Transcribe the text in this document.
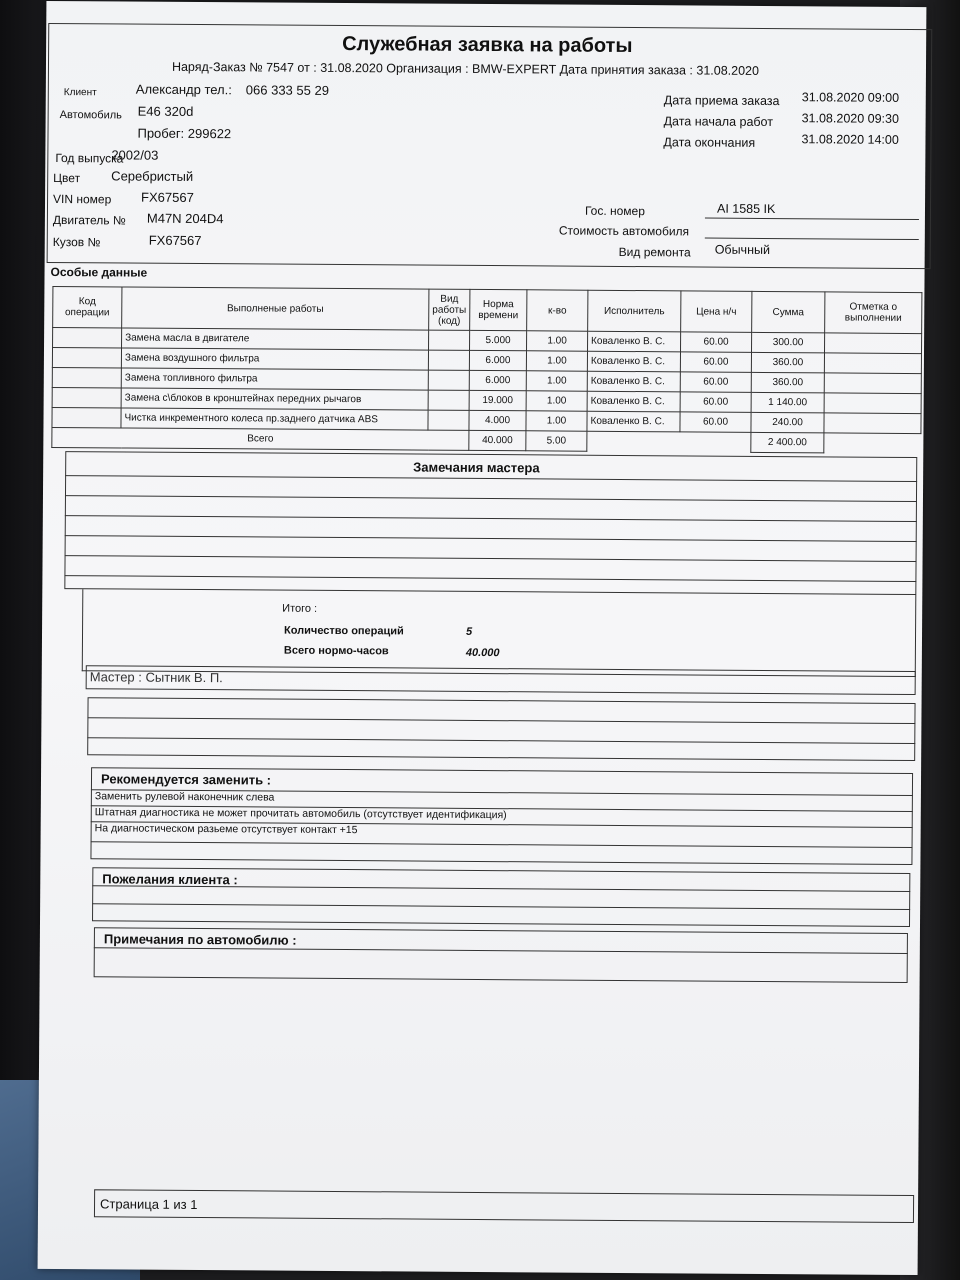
Служебная заявка на работы
Наряд-Заказ № 7547 от : 31.08.2020 Организация : BMW-EXPERT Дата принятия заказа : 31.08.2020
Клиент	Александр тел.: 066 333 55 29
Автомобиль E46 320d
Пробег: 299622
Год выпуска
2002/03
Цвет Серебристый
VIN номер FX67567
Двигатель № M47N 204D4
Кузов №	FX67567
Дата приема заказа 31.08.2020 09:00
Дата начала работ 31.08.2020 09:30
Дата окончания	31.08.2020 14:00
Гос. номер	AI 1585 IK
Стоимость автомобиля
Вид ремонта Обычный
Особые данные
Код операции	Выполненые работы	Вид работы (код)	Норма времени	к-во	Исполнитель	Цена н/ч	Сумма	Отметка о выполнении
	Замена масла в двигателе		5.000	1.00	Коваленко В. С.	60.00	300.00	
	Замена воздушного фильтра		6.000	1.00	Коваленко В. С.	60.00	360.00	
	Замена топливного фильтра		6.000	1.00	Коваленко В. С.	60.00	360.00	
	Замена с\блоков в кронштейнах передних рычагов		19.000	1.00	Коваленко В. С.	60.00	1 140.00	
	Чистка инкрементного колеса пр.заднего датчика ABS		4.000	1.00	Коваленко В. С.	60.00	240.00	
Всего			40.000	5.00			2 400.00	
Замечания мастера
Итого :
Количество операций	5
Всего нормо-часов	40.000
Мастер : Сытник В. П.
Рекомендуется заменить :
Заменить рулевой наконечник слева
Штатная диагностика не может прочитать автомобиль (отсутствует идентификация)
На диагностическом разьеме отсутствует контакт +15
Пожелания клиента :
Примечания по автомобилю :
Страница 1 из 1
